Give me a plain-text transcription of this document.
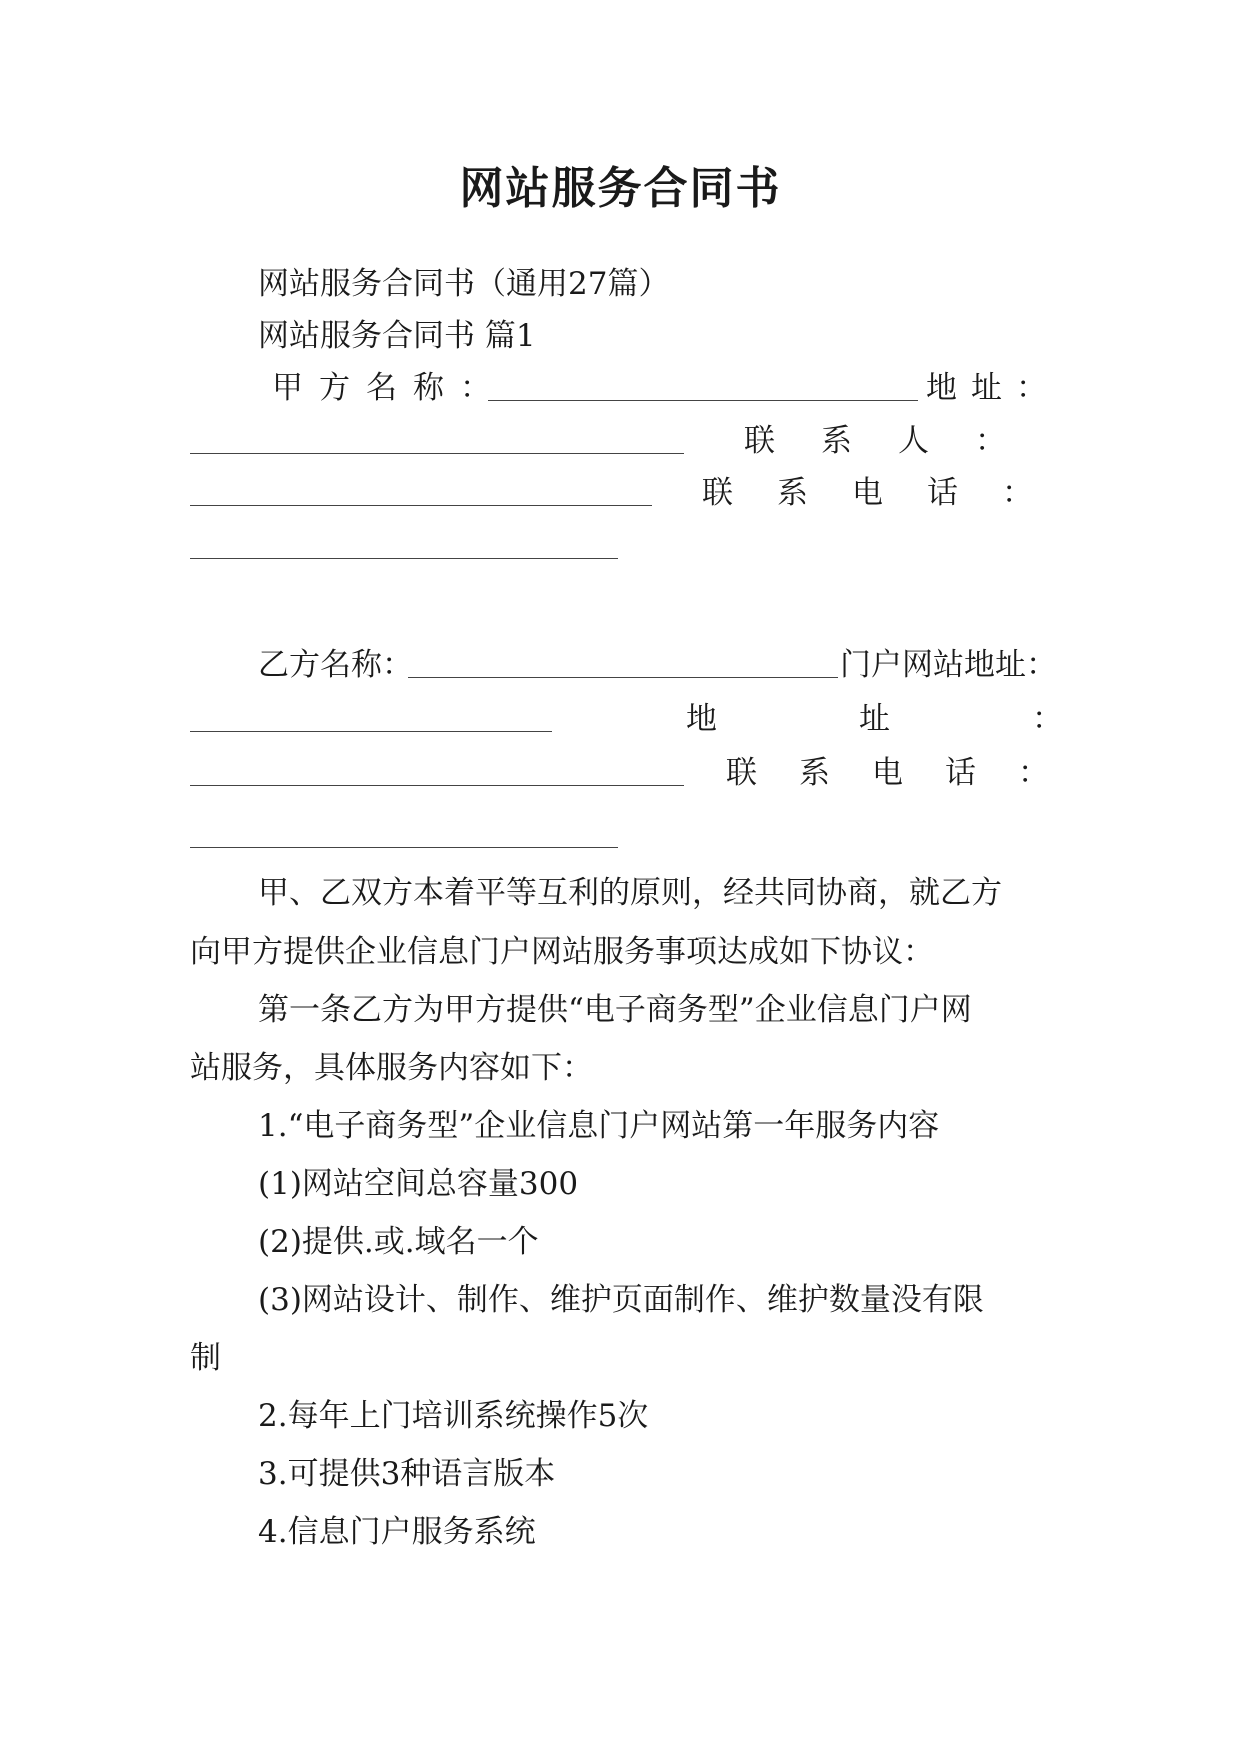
网站服务合同书
网站服务合同书（通用27篇）
网站服务合同书 篇1
甲方名称：	地址：
联系人：
联系电话：
乙方名称：	门户网站地址：
地址：
联系电话：
甲、乙双方本着平等互利的原则，经共同协商，就乙方
向甲方提供企业信息门户网站服务事项达成如下协议：
第一条乙方为甲方提供“电子商务型”企业信息门户网
站服务，具体服务内容如下：
1.“电子商务型”企业信息门户网站第一年服务内容
(1)网站空间总容量300
(2)提供.或.域名一个
(3)网站设计、制作、维护页面制作、维护数量没有限
制
2.每年上门培训系统操作5次
3.可提供3种语言版本
4.信息门户服务系统
